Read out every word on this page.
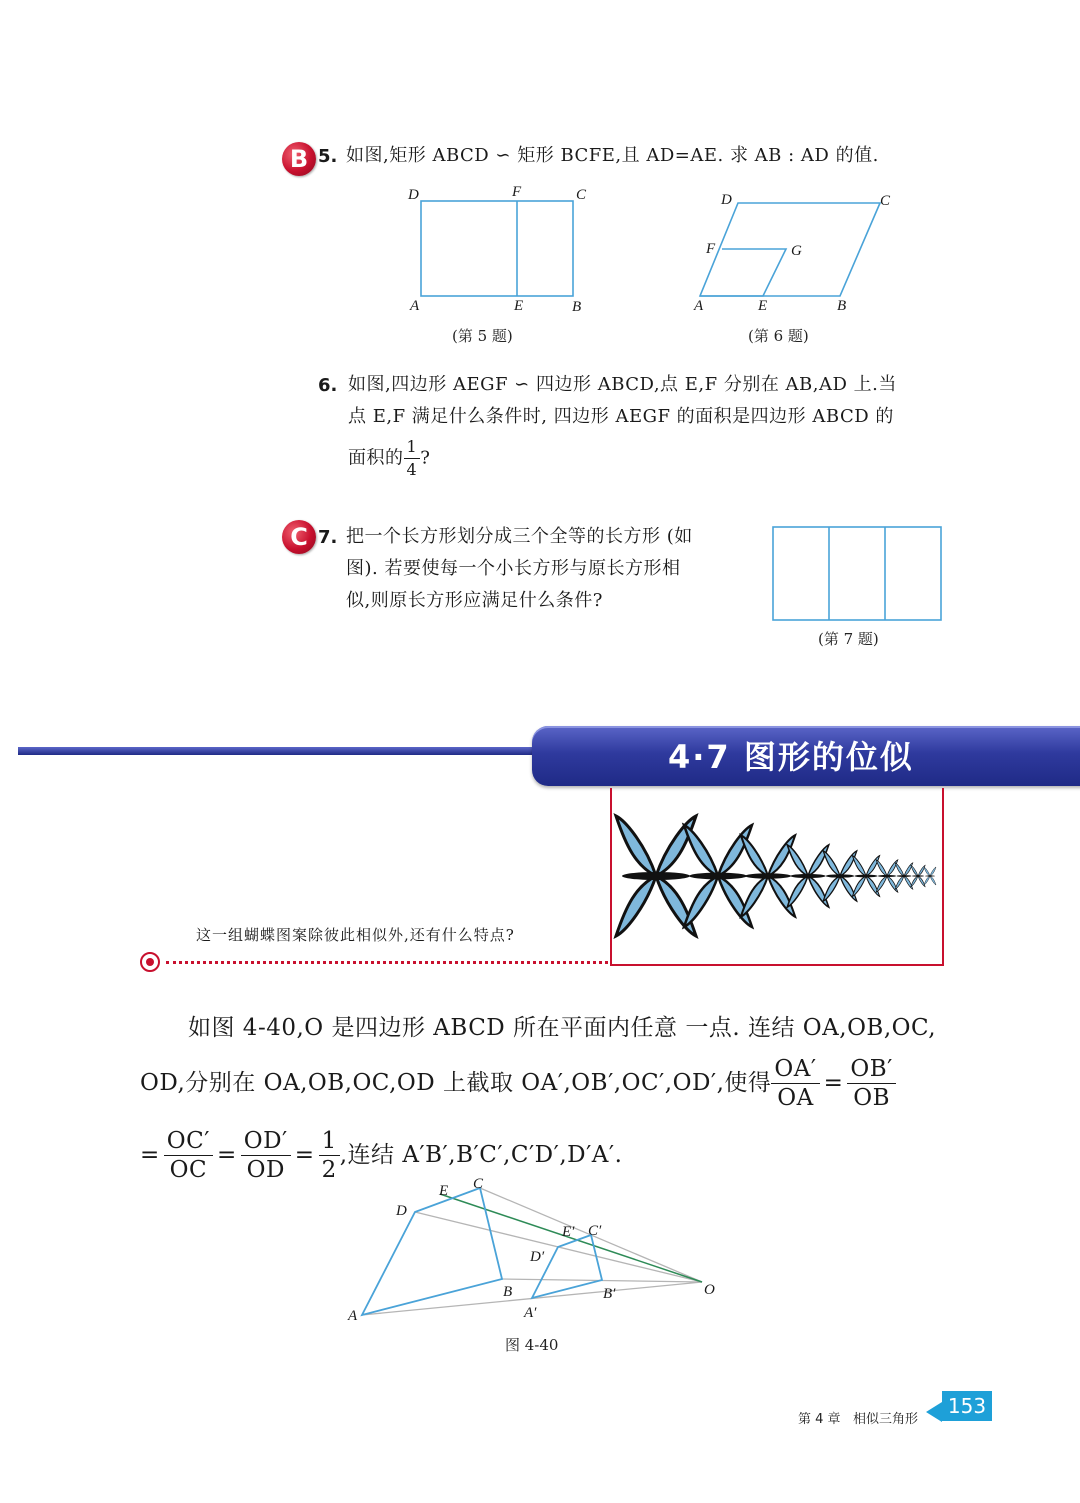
B 5. 如图,矩形 ABCD ∽ 矩形 BCFE,且 AD=AE. 求 AB : AD 的值.
D	F	C
A	E	B
(第 5 题)
D	C
F	G
A	E	B
(第 6 题)
6. 如图,四边形 AEGF ∽ 四边形 ABCD,点 E,F 分别在 AB,AD 上.当
点 E,F 满足什么条件时, 四边形 AEGF 的面积是四边形 ABCD 的
面积的 $\frac{1}{4}$ ?
C 7. 把一个长方形划分成三个全等的长方形 (如
图). 若要使每一个小长方形与原长方形相
似,则原长方形应满足什么条件?
(第 7 题)
4·7 图形的位似
这一组蝴蝶图案除彼此相似外,还有什么特点?
如图 4-40,O 是四边形 ABCD 所在平面内任意 一点. 连结 OA,OB,OC,
OD,分别在 OA,OB,OC,OD 上截取 OA′,OB′,OC′,OD′,使得 $\frac{OA'}{OA} = \frac{OB'}{OB}$
= $\frac{OC'}{OC} = \frac{OD'}{OD} = \frac{1}{2}$ ,连结 A′B′,B′C′,C′D′,D′A′.
E C
D
E′ C′
D′
B	O
B′
A′
A
图 4-40
第 4 章 相似三角形
153
